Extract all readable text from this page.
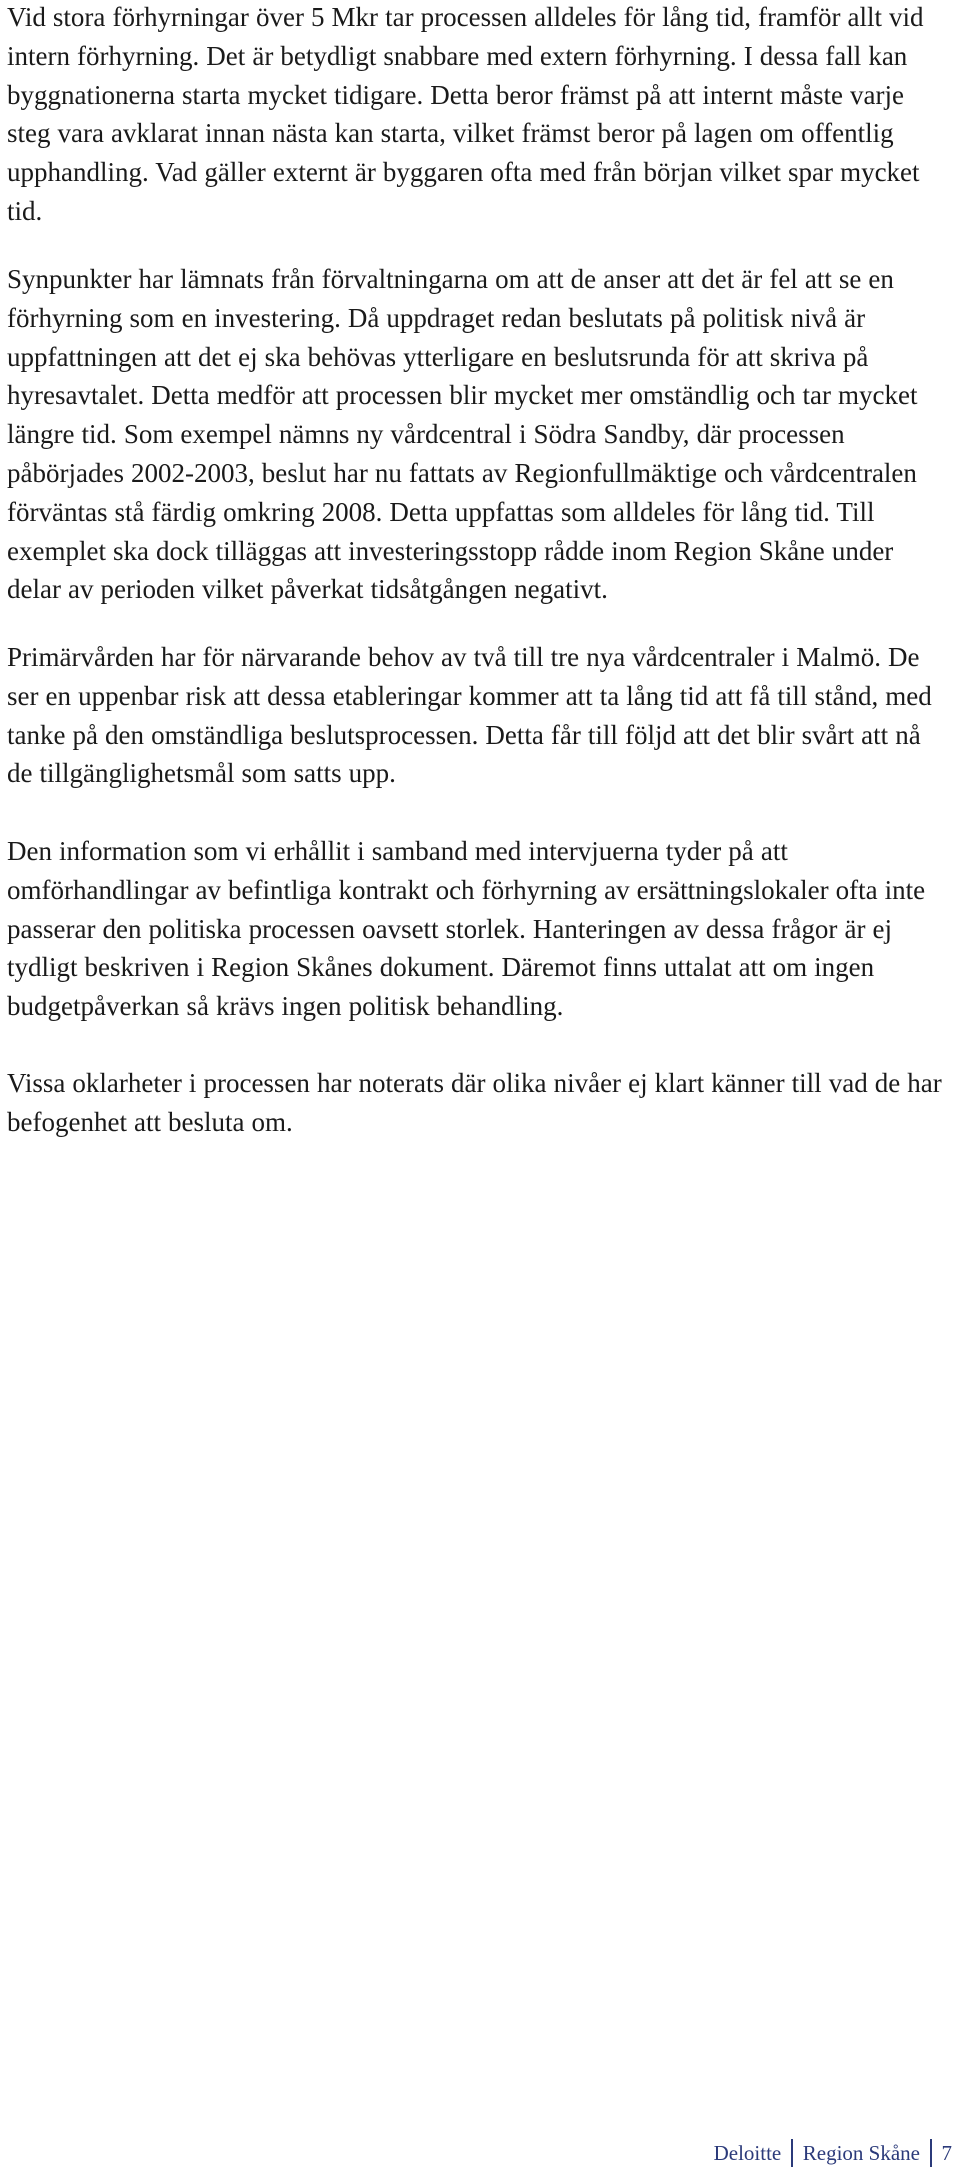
Vid stora förhyrningar över 5 Mkr tar processen alldeles för lång tid, framför allt vid intern förhyrning. Det är betydligt snabbare med extern förhyrning. I dessa fall kan byggnationerna starta mycket tidigare. Detta beror främst på att internt måste varje steg vara avklarat innan nästa kan starta, vilket främst beror på lagen om offentlig upphandling. Vad gäller externt är byggaren ofta med från början vilket spar mycket tid.

Synpunkter har lämnats från förvaltningarna om att de anser att det är fel att se en förhyrning som en investering. Då uppdraget redan beslutats på politisk nivå är uppfattningen att det ej ska behövas ytterligare en beslutsrunda för att skriva på hyresavtalet. Detta medför att processen blir mycket mer omständlig och tar mycket längre tid. Som exempel nämns ny vårdcentral i Södra Sandby, där processen påbörjades 2002-2003, beslut har nu fattats av Regionfullmäktige och vårdcentralen förväntas stå färdig omkring 2008. Detta uppfattas som alldeles för lång tid. Till exemplet ska dock tilläggas att investeringsstopp rådde inom Region Skåne under delar av perioden vilket påverkat tidsåtgången negativt.

Primärvården har för närvarande behov av två till tre nya vårdcentraler i Malmö. De ser en uppenbar risk att dessa etableringar kommer att ta lång tid att få till stånd, med tanke på den omständliga beslutsprocessen. Detta får till följd att det blir svårt att nå de tillgänglighetsmål som satts upp.

Den information som vi erhållit i samband med intervjuerna tyder på att omförhandlingar av befintliga kontrakt och förhyrning av ersättningslokaler ofta inte passerar den politiska processen oavsett storlek. Hanteringen av dessa frågor är ej tydligt beskriven i Region Skånes dokument. Däremot finns uttalat att om ingen budgetpåverkan så krävs ingen politisk behandling.

Vissa oklarheter i processen har noterats där olika nivåer ej klart känner till vad de har befogenhet att besluta om.

Deloitte Region Skåne 7
